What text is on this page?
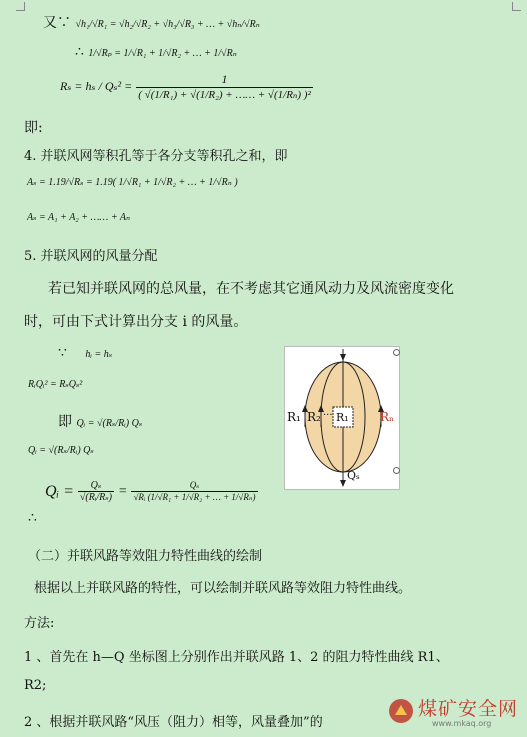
又∵ √h₁/√R₁ = √h₂/√R₂ + √h₃/√R₃ + … + √hₙ/√Rₙ
∴ 1/√Rₚ = 1/√R₁ + 1/√R₂ + … + 1/√Rₙ
$R_s = h_s / Q_s^2 = \frac{1}{\text{( √(1/R₁) + √(1/R₂) + …… + √(1/Rₙ) )²}}$
即:
4. 并联风网等积孔等于各分支等积孔之和，即
Aₛ = 1.19/√Rₛ = 1.19( 1/√R₁ + 1/√R₂ + … + 1/√Rₙ )
Aₛ = A₁ + A₂ + …… + Aₙ
5. 并联风网的风量分配
若已知并联风网的总风量，在不考虑其它通风动力及风流密度变化
时，可由下式计算出分支 i 的风量。
∵ hᵢ = hₛ
RᵢQᵢ² = RₛQₛ²
即 Qᵢ = √(Rₛ/Rᵢ) Qₛ
Qᵢ = √(Rₛ/Rᵢ) Qₛ
Qᵢ = $\frac{\text{Qₛ}}{\text{√(Rᵢ/Rₛ)}} = \frac{\text{Qₛ}}{\text{√Rᵢ (1/√R₁ + 1/√R₂ + … + 1/√Rₙ)}}$
∴
R₁ R₂ ··· R₁	Rₙ
Qₛ
（二）并联风路等效阻力特性曲线的绘制
根据以上并联风路的特性，可以绘制并联风路等效阻力特性曲线。
方法:
1 、首先在 h—Q 坐标图上分别作出并联风路 1、2 的阻力特性曲线 R1、
R2;
2 、根据并联风路“风压（阻力）相等，风量叠加”的
煤矿安全网
www.mkaq.org
